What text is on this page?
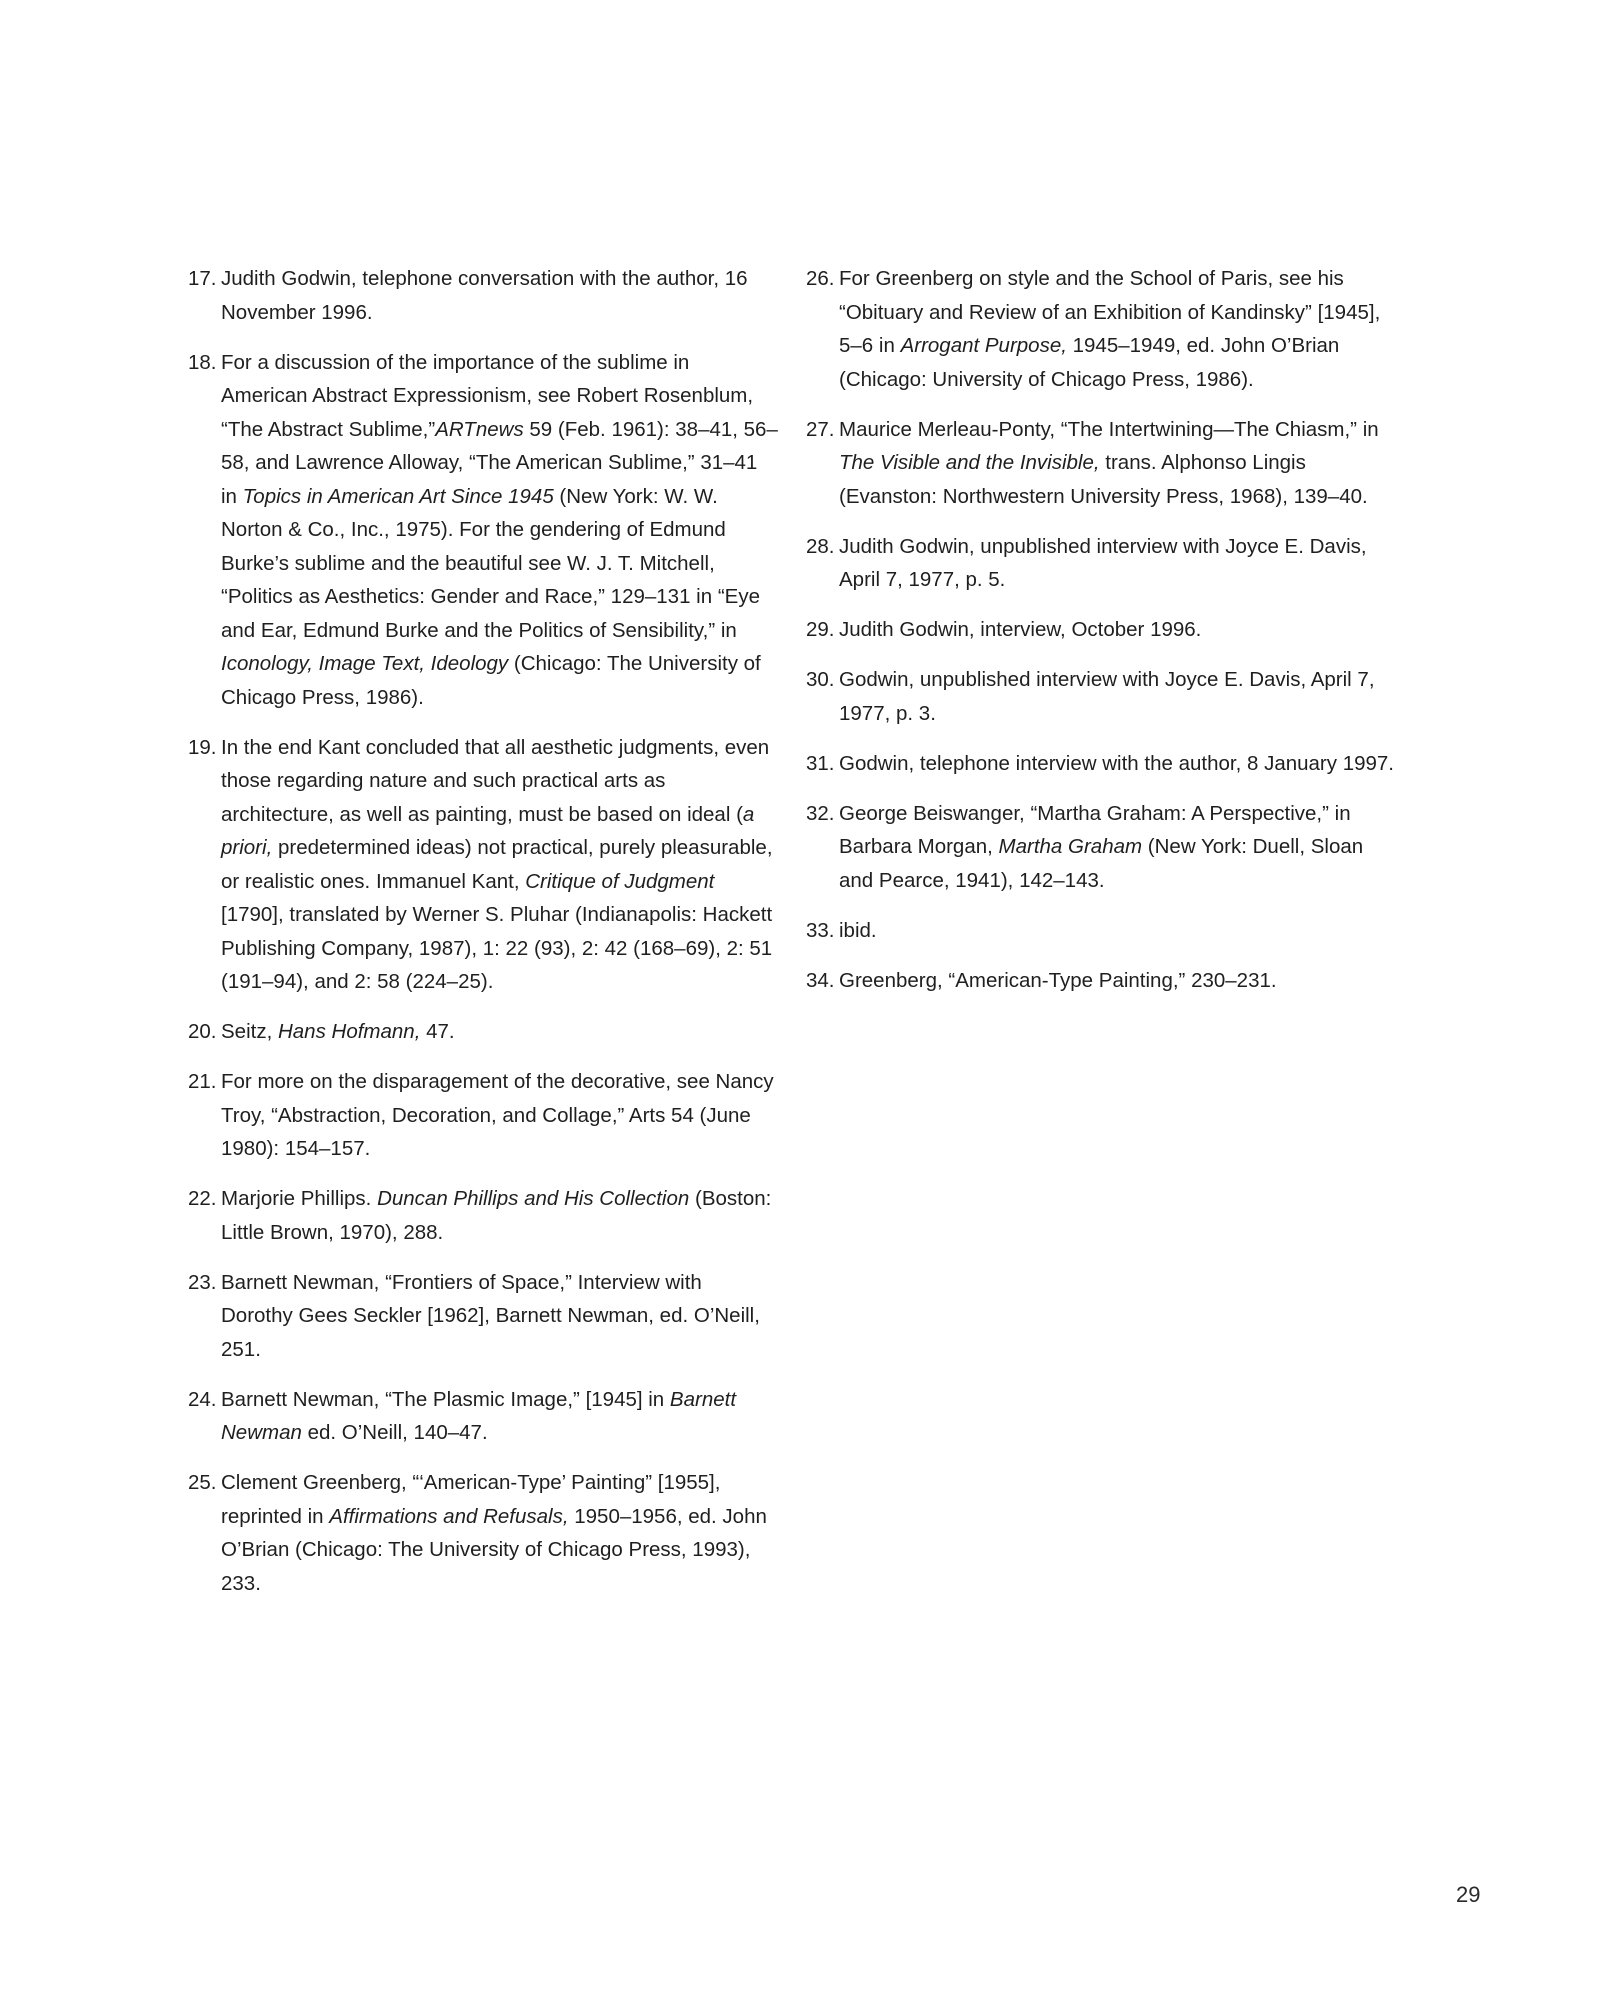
17. Judith Godwin, telephone conversation with the author, 16 November 1996.
18. For a discussion of the importance of the sublime in American Abstract Expressionism, see Robert Rosenblum, “The Abstract Sublime,”ARTnews 59 (Feb. 1961): 38–41, 56–58, and Lawrence Alloway, “The American Sublime,” 31–41 in Topics in American Art Since 1945 (New York: W. W. Norton & Co., Inc., 1975). For the gendering of Edmund Burke’s sublime and the beautiful see W. J. T. Mitchell, “Politics as Aesthetics: Gender and Race,” 129–131 in “Eye and Ear, Edmund Burke and the Politics of Sensibility,” in Iconology, Image Text, Ideology (Chicago: The University of Chicago Press, 1986).
19. In the end Kant concluded that all aesthetic judgments, even those regarding nature and such practical arts as architecture, as well as painting, must be based on ideal (a priori, predetermined ideas) not practical, purely pleasurable, or realistic ones. Immanuel Kant, Critique of Judgment [1790], translated by Werner S. Pluhar (Indianapolis: Hackett Publishing Company, 1987), 1: 22 (93), 2: 42 (168–69), 2: 51 (191–94), and 2: 58 (224–25).
20. Seitz, Hans Hofmann, 47.
21. For more on the disparagement of the decorative, see Nancy Troy, “Abstraction, Decoration, and Collage,” Arts 54 (June 1980): 154–157.
22. Marjorie Phillips. Duncan Phillips and His Collection (Boston: Little Brown, 1970), 288.
23. Barnett Newman, “Frontiers of Space,” Interview with Dorothy Gees Seckler [1962], Barnett Newman, ed. O’Neill, 251.
24. Barnett Newman, “The Plasmic Image,” [1945] in Barnett Newman ed. O’Neill, 140–47.
25. Clement Greenberg, “‘American-Type’ Painting” [1955], reprinted in Affirmations and Refusals, 1950–1956, ed. John O’Brian (Chicago: The University of Chicago Press, 1993), 233.
26. For Greenberg on style and the School of Paris, see his “Obituary and Review of an Exhibition of Kandinsky” [1945], 5–6 in Arrogant Purpose, 1945–1949, ed. John O’Brian (Chicago: University of Chicago Press, 1986).
27. Maurice Merleau-Ponty, “The Intertwining—The Chiasm,” in The Visible and the Invisible, trans. Alphonso Lingis (Evanston: Northwestern University Press, 1968), 139–40.
28. Judith Godwin, unpublished interview with Joyce E. Davis, April 7, 1977, p. 5.
29. Judith Godwin, interview, October 1996.
30. Godwin, unpublished interview with Joyce E. Davis, April 7, 1977, p. 3.
31. Godwin, telephone interview with the author, 8 January 1997.
32. George Beiswanger, “Martha Graham: A Perspective,” in Barbara Morgan, Martha Graham (New York: Duell, Sloan and Pearce, 1941), 142–143.
33. ibid.
34. Greenberg, “American-Type Painting,” 230–231.
29
